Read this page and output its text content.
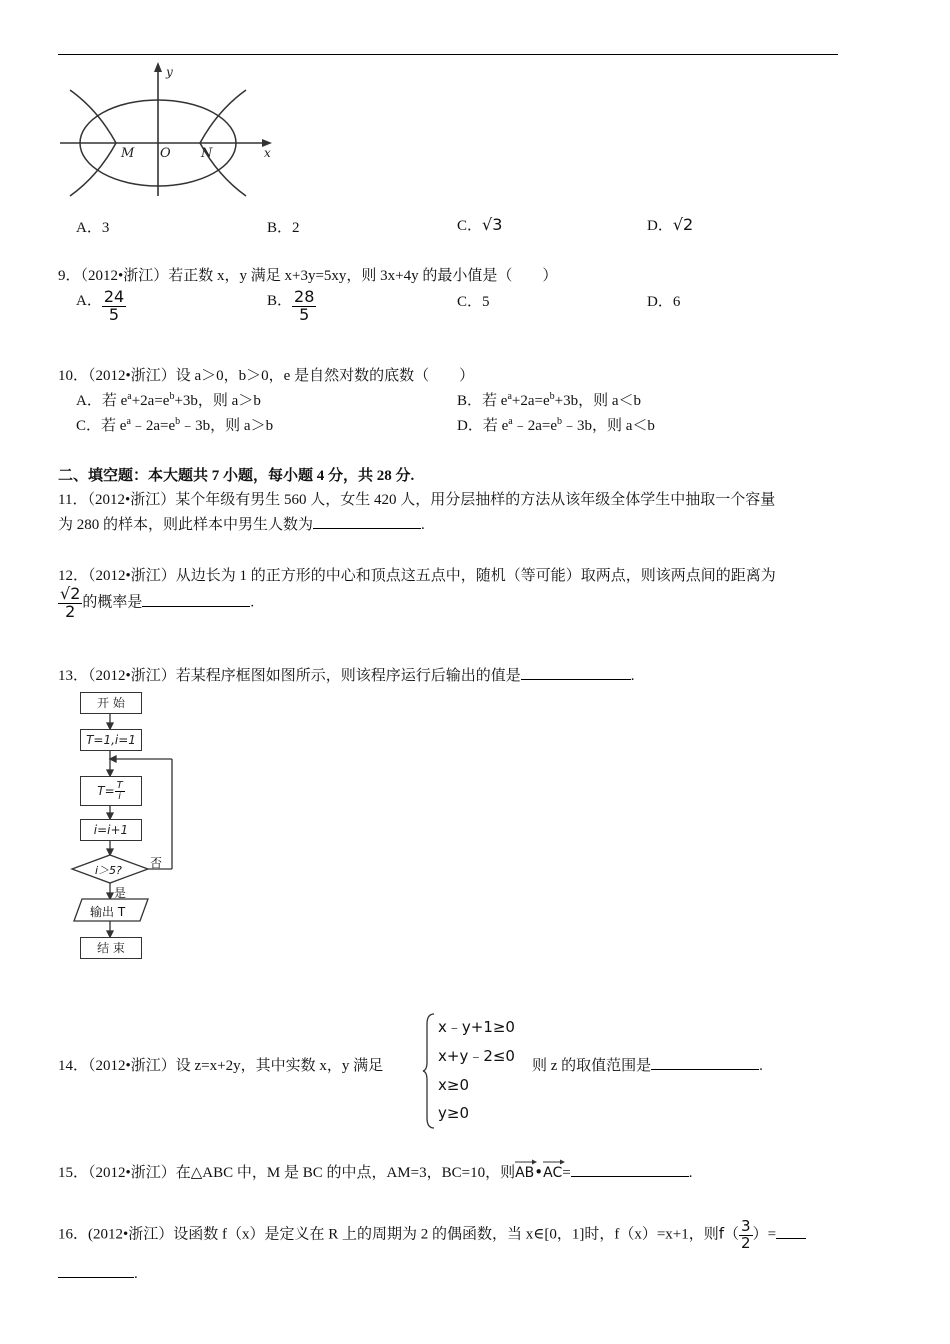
y
x
M O N
A．3	B．2	C．√3	D．√2
9．（2012•浙江）若正数 x，y 满足 x+3y=5xy，则 3x+4y 的最小值是（　　）
A． $\frac{24}{5}$	B． $\frac{28}{5}$	C．5	D．6
10．（2012•浙江）设 a＞0，b＞0，e 是自然对数的底数（　　）
A．若 $e^a+2a=e^b+3b$，则 a＞b	B．若 $e^a+2a=e^b+3b$，则 a＜b
C．若 $e^a﹣2a=e^b﹣3b$，则 a＞b	D．若 $e^a﹣2a=e^b﹣3b$，则 a＜b
二、填空题：本大题共 7 小题，每小题 4 分，共 28 分.
11．（2012•浙江）某个年级有男生 560 人，女生 420 人，用分层抽样的方法从该年级全体学生中抽取一个容量
为 280 的样本，则此样本中男生人数为	.
12．（2012•浙江）从边长为 1 的正方形的中心和顶点这五点中，随机（等可能）取两点，则该两点间的距离为
$\frac{√2}{2}$ 的概率是	.
13．（2012•浙江）若某程序框图如图所示，则该程序运行后输出的值是	.
开 始
T=1,i=1
$T= \frac{T}{i}$
i=i+1
i＞5?
否
是
输出 T
结 束
14．（2012•浙江）设 z=x+2y，其中实数 x，y 满足
x﹣y+1≥0
x+y﹣2≤0
x≥0
y≥0
则 z 的取值范围是	.
15．（2012•浙江）在△ABC 中，M 是 BC 的中点，AM=3，BC=10，则
AB•
AC=	.
16．(2012•浙江）设函数 f（x）是定义在 R 上的周期为 2 的偶函数，当 x∈[0，1]时，f（x）=x+1，则$f( \frac{3}{2}$ ）=
.
